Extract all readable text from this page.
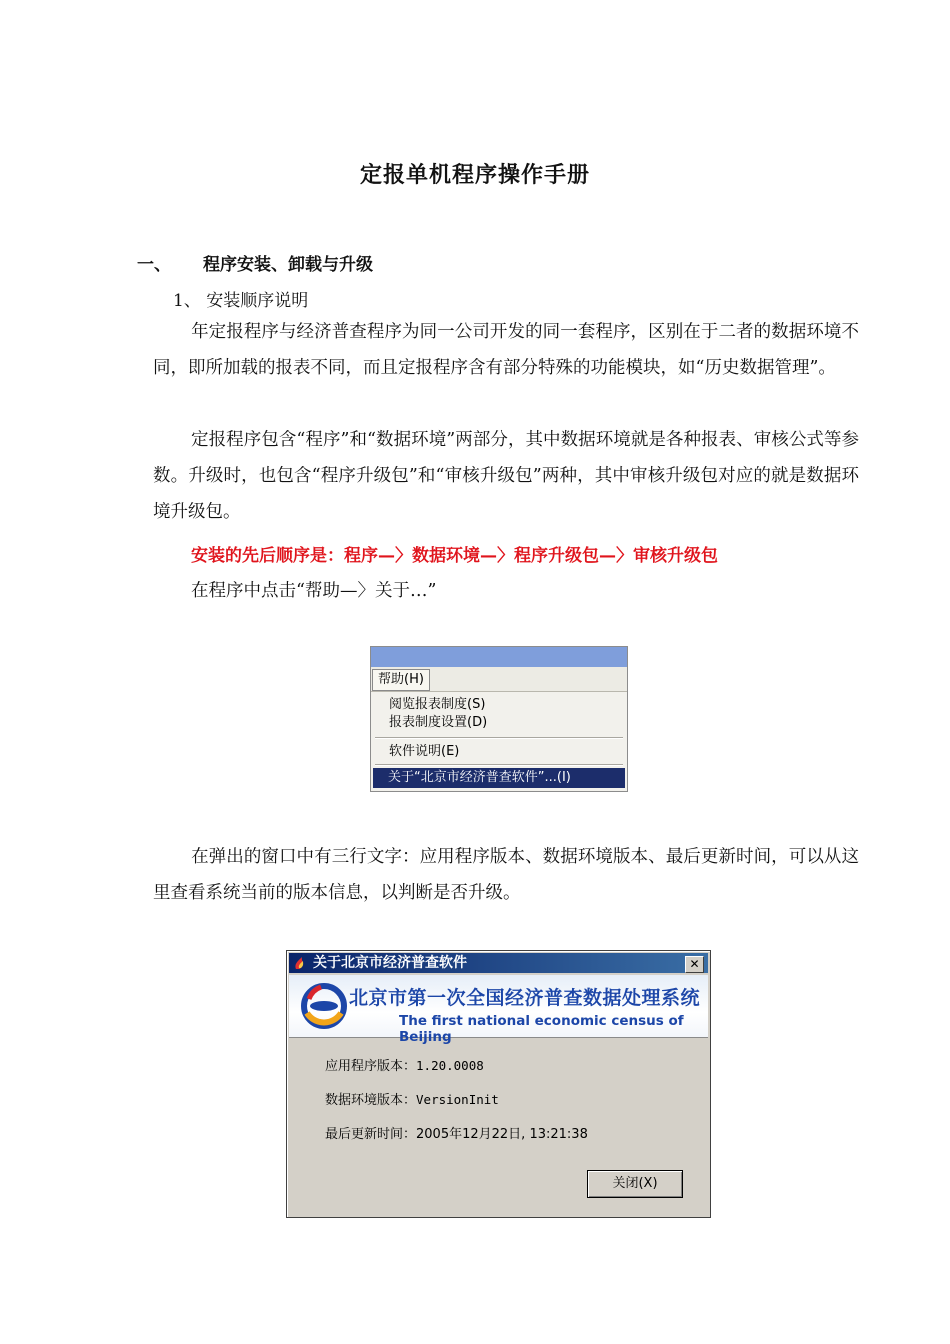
定报单机程序操作手册
一、 程序安装、卸载与升级
1、 安装顺序说明

年定报程序与经济普查程序为同一公司开发的同一套程序，区别在于二者的数据环境不同，即所加载的报表不同，而且定报程序含有部分特殊的功能模块，如“历史数据管理”。

定报程序包含“程序”和“数据环境”两部分，其中数据环境就是各种报表、审核公式等参数。升级时，也包含“程序升级包”和“审核升级包”两种，其中审核升级包对应的就是数据环境升级包。

安装的先后顺序是：程序—〉数据环境—〉程序升级包—〉审核升级包
在程序中点击“帮助—〉关于…”
帮助(H)
阅览报表制度(S)
报表制度设置(D)
软件说明(E)
关于“北京市经济普查软件”...(I)

在弹出的窗口中有三行文字：应用程序版本、数据环境版本、最后更新时间，可以从这里查看系统当前的版本信息，以判断是否升级。

关于北京市经济普查软件	✕
北京市第一次全国经济普查数据处理系统
The first national economic census of Beijing
应用程序版本：1.20.0008
数据环境版本：VersionInit
最后更新时间：2005年12月22日, 13:21:38
关闭(X)
